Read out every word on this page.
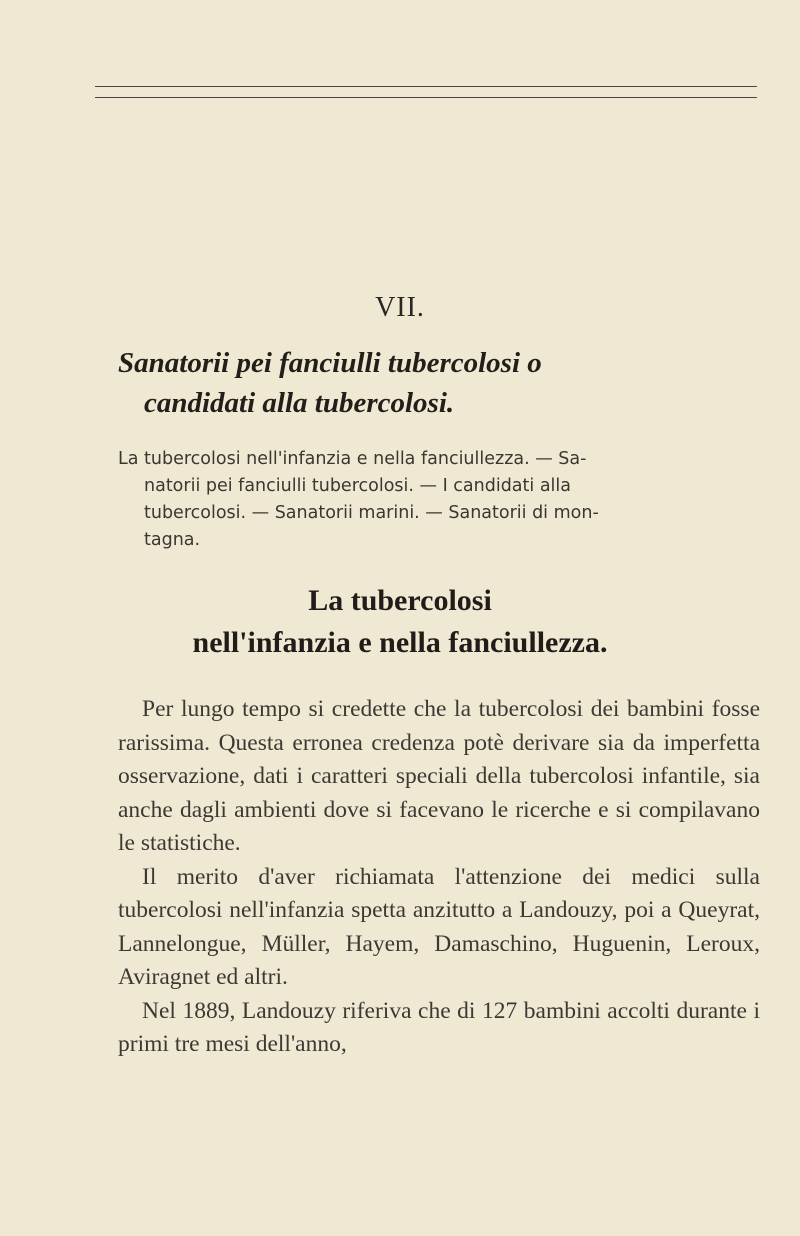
VII.
Sanatorii pei fanciulli tubercolosi o
candidati alla tubercolosi.
La tubercolosi nell'infanzia e nella fanciullezza. — Sa-
natorii pei fanciulli tubercolosi. — I candidati alla
tubercolosi. — Sanatorii marini. — Sanatorii di mon-
tagna.
La tubercolosi
nell'infanzia e nella fanciullezza.

Per lungo tempo si credette che la tubercolosi dei bambini fosse rarissima. Questa erronea credenza potè derivare sia da imperfetta osservazione, dati i caratteri speciali della tubercolosi infantile, sia anche dagli ambienti dove si facevano le ricerche e si compilavano le statistiche.

Il merito d'aver richiamata l'attenzione dei medici sulla tubercolosi nell'infanzia spetta anzitutto a Landouzy, poi a Queyrat, Lannelongue, Müller, Hayem, Damaschino, Huguenin, Leroux, Aviragnet ed altri.

Nel 1889, Landouzy riferiva che di 127 bambini accolti durante i primi tre mesi dell'anno,
